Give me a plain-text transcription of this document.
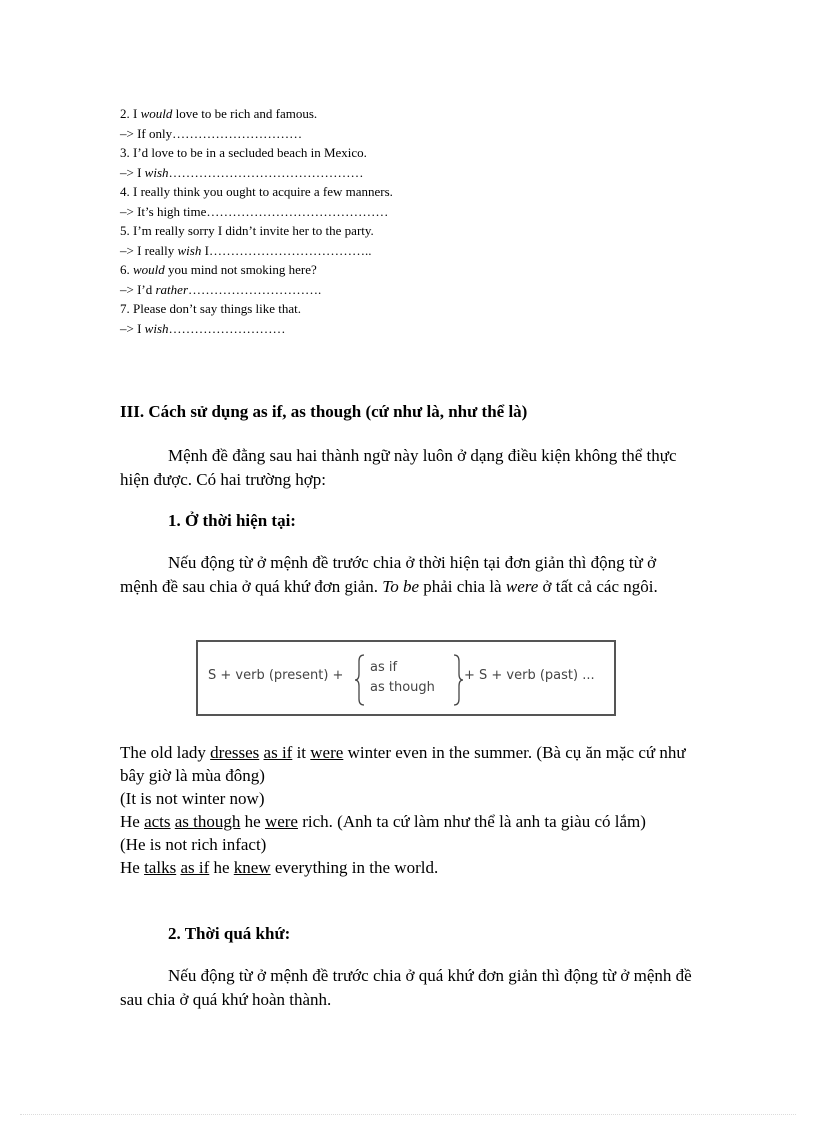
2. I would love to be rich and famous.
–> If only…………………………
3. I’d love to be in a secluded beach in Mexico.
–> I wish………………………………………
4. I really think you ought to acquire a few manners.
–> It’s high time……………………………………
5. I’m really sorry I didn’t invite her to the party.
–> I really wish I………………………………..
6. would you mind not smoking here?
–> I’d rather………………………….
7. Please don’t say things like that.
–> I wish………………………
III. Cách sử dụng as if, as though (cứ như là, như thể là)
Mệnh đề đằng sau hai thành ngữ này luôn ở dạng điều kiện không thể thực hiện được. Có hai trường hợp:
1. Ở thời hiện tại:
Nếu động từ ở mệnh đề trước chia ở thời hiện tại đơn giản thì động từ ở mệnh đề sau chia ở quá khứ đơn giản. To be phải chia là were ở tất cả các ngôi.
S + verb (present) +
as if
as though
+ S + verb (past) ...
The old lady dresses as if it were winter even in the summer. (Bà cụ ăn mặc cứ như bây giờ là mùa đông)
(It is not winter now)
He acts as though he were rich. (Anh ta cứ làm như thể là anh ta giàu có lắm)
(He is not rich infact)
He talks as if he knew everything in the world.
2. Thời quá khứ:
Nếu động từ ở mệnh đề trước chia ở quá khứ đơn giản thì động từ ở mệnh đề sau chia ở quá khứ hoàn thành.
